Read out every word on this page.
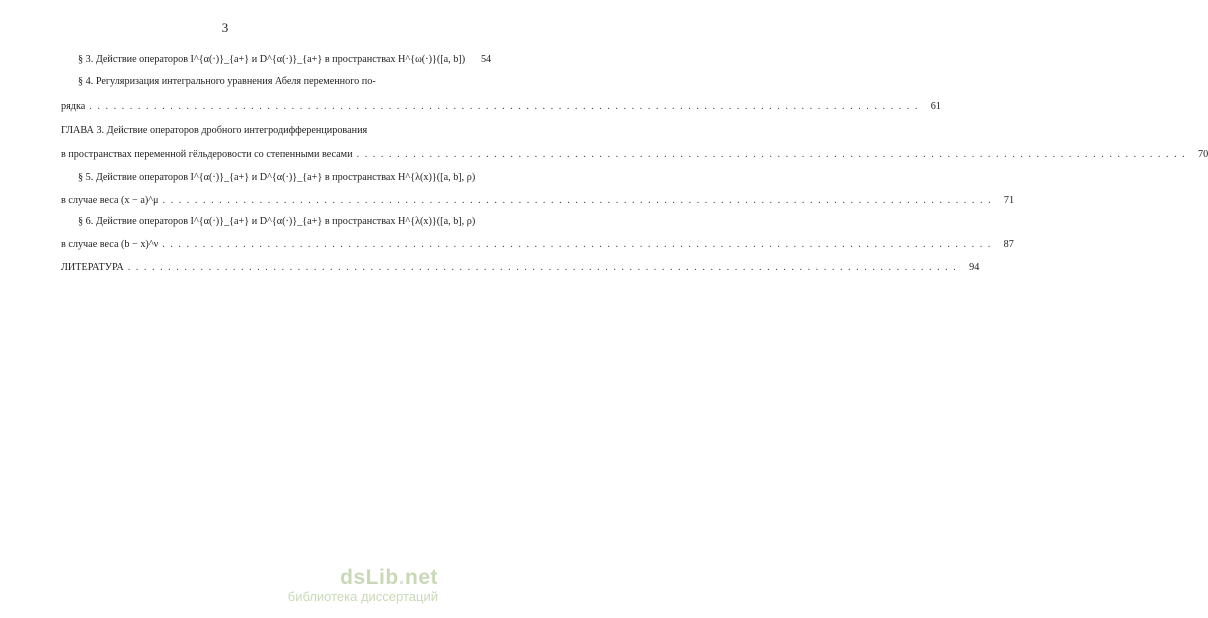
3
§ 3. Действие операторов I^{α(·)}_{a+} и D^{α(·)}_{a+} в пространствах H^{ω(·)}([a, b])	54
§ 4. Регуляризация интегрального уравнения Абеля переменного по-
рядка . . .	61
ГЛАВА 3. Действие операторов дробного интегродифференцирования
в пространствах переменной гёльдеровости со степенными весами . . .	70
§ 5. Действие операторов I^{α(·)}_{a+} и D^{α(·)}_{a+} в пространствах H^{λ(x)}([a, b], ρ)
в случае веса (x − a)^μ . . .	71
§ 6. Действие операторов I^{α(·)}_{a+} и D^{α(·)}_{a+} в пространствах H^{λ(x)}([a, b], ρ)
в случае веса (b − x)^ν . . .	87
ЛИТЕРАТУРА . . .	94
dsLib.net
библиотека диссертаций
